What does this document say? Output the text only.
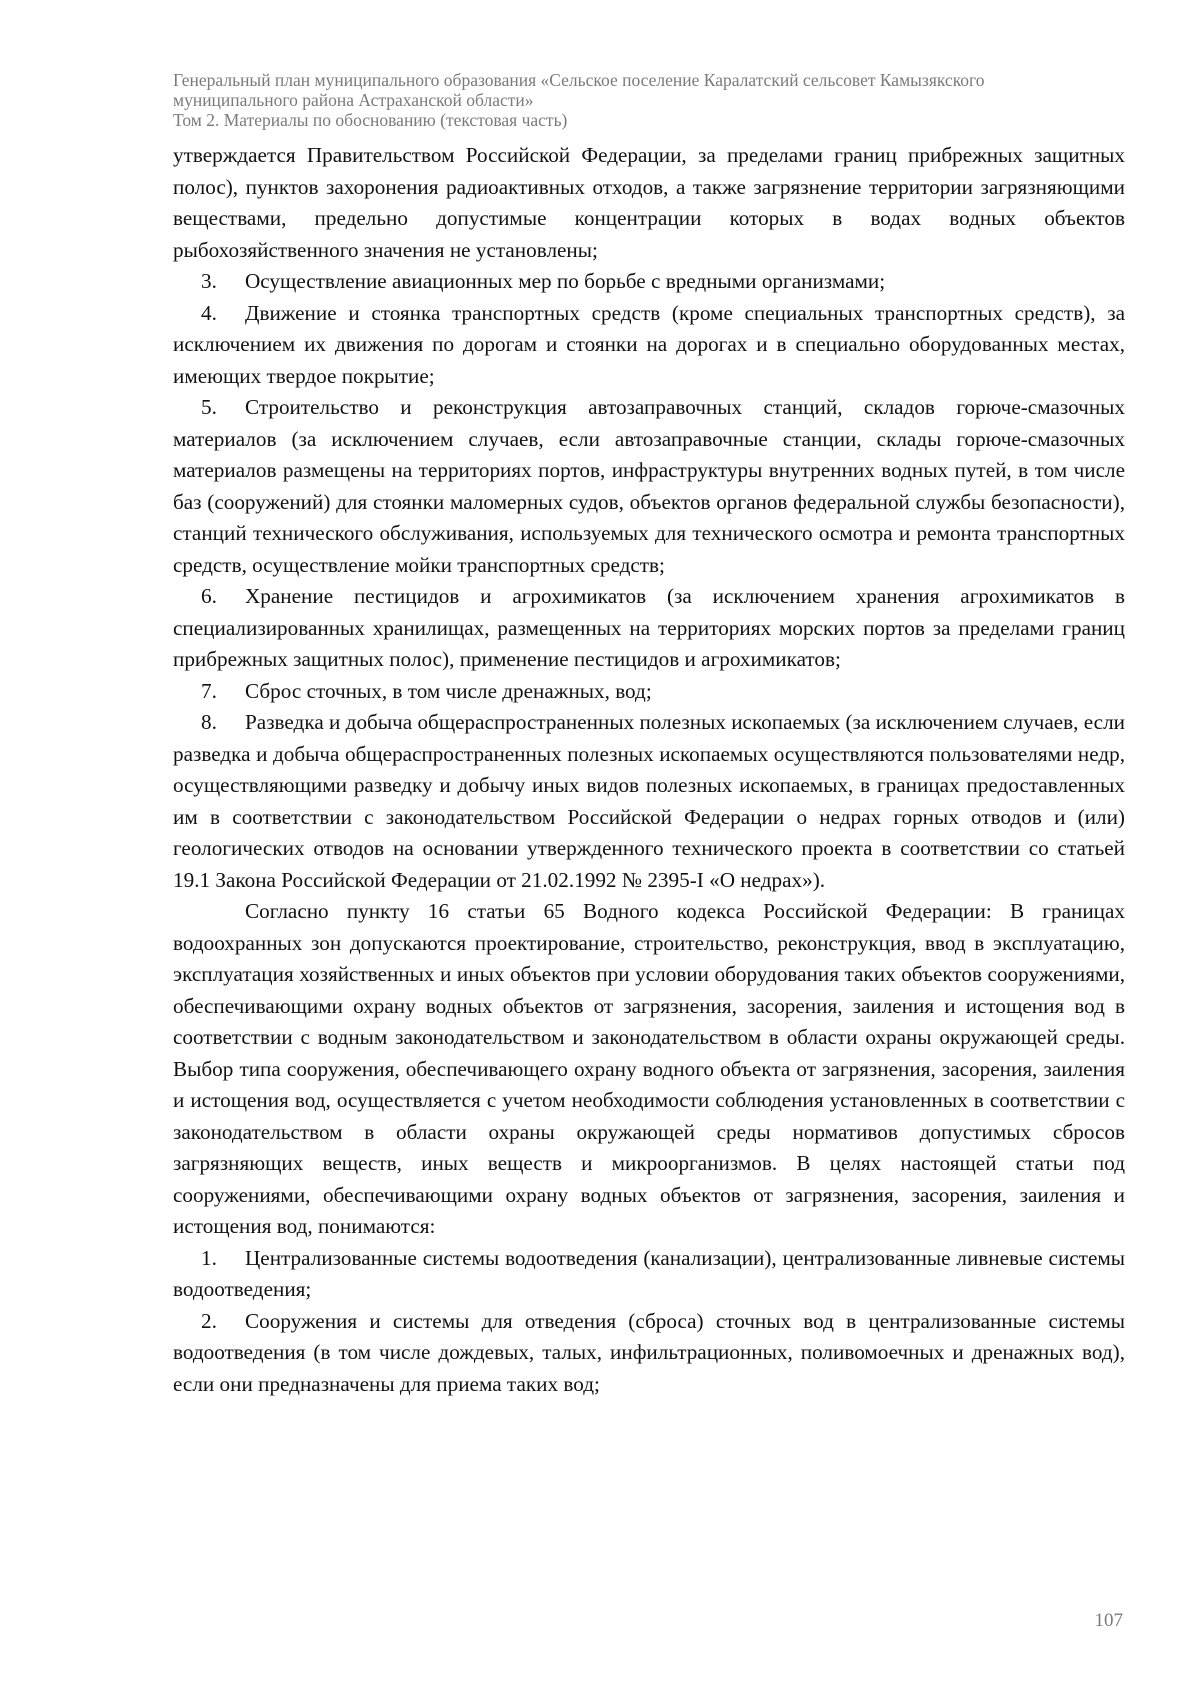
Генеральный план муниципального образования «Сельское поселение Каралатский сельсовет Камызякского
муниципального района Астраханской области»
Том 2. Материалы по обоснованию (текстовая часть)

утверждается Правительством Российской Федерации, за пределами границ прибрежных защитных полос), пунктов захоронения радиоактивных отходов, а также загрязнение территории загрязняющими веществами, предельно допустимые концентрации которых в водах водных объектов рыбохозяйственного значения не установлены;

3. Осуществление авиационных мер по борьбе с вредными организмами;

4. Движение и стоянка транспортных средств (кроме специальных транспортных средств), за исключением их движения по дорогам и стоянки на дорогах и в специально оборудованных местах, имеющих твердое покрытие;

5. Строительство и реконструкция автозаправочных станций, складов горюче-смазочных материалов (за исключением случаев, если автозаправочные станции, склады горюче-смазочных материалов размещены на территориях портов, инфраструктуры внутренних водных путей, в том числе баз (сооружений) для стоянки маломерных судов, объектов органов федеральной службы безопасности), станций технического обслуживания, используемых для технического осмотра и ремонта транспортных средств, осуществление мойки транспортных средств;

6. Хранение пестицидов и агрохимикатов (за исключением хранения агрохимикатов в специализированных хранилищах, размещенных на территориях морских портов за пределами границ прибрежных защитных полос), применение пестицидов и агрохимикатов;

7. Сброс сточных, в том числе дренажных, вод;

8. Разведка и добыча общераспространенных полезных ископаемых (за исключением случаев, если разведка и добыча общераспространенных полезных ископаемых осуществляются пользователями недр, осуществляющими разведку и добычу иных видов полезных ископаемых, в границах предоставленных им в соответствии с законодательством Российской Федерации о недрах горных отводов и (или) геологических отводов на основании утвержденного технического проекта в соответствии со статьей 19.1 Закона Российской Федерации от 21.02.1992 № 2395-I «О недрах»).

Согласно пункту 16 статьи 65 Водного кодекса Российской Федерации: В границах водоохранных зон допускаются проектирование, строительство, реконструкция, ввод в эксплуатацию, эксплуатация хозяйственных и иных объектов при условии оборудования таких объектов сооружениями, обеспечивающими охрану водных объектов от загрязнения, засорения, заиления и истощения вод в соответствии с водным законодательством и законодательством в области охраны окружающей среды. Выбор типа сооружения, обеспечивающего охрану водного объекта от загрязнения, засорения, заиления и истощения вод, осуществляется с учетом необходимости соблюдения установленных в соответствии с законодательством в области охраны окружающей среды нормативов допустимых сбросов загрязняющих веществ, иных веществ и микроорганизмов. В целях настоящей статьи под сооружениями, обеспечивающими охрану водных объектов от загрязнения, засорения, заиления и истощения вод, понимаются:

1. Централизованные системы водоотведения (канализации), централизованные ливневые системы водоотведения;

2. Сооружения и системы для отведения (сброса) сточных вод в централизованные системы водоотведения (в том числе дождевых, талых, инфильтрационных, поливомоечных и дренажных вод), если они предназначены для приема таких вод;

107
